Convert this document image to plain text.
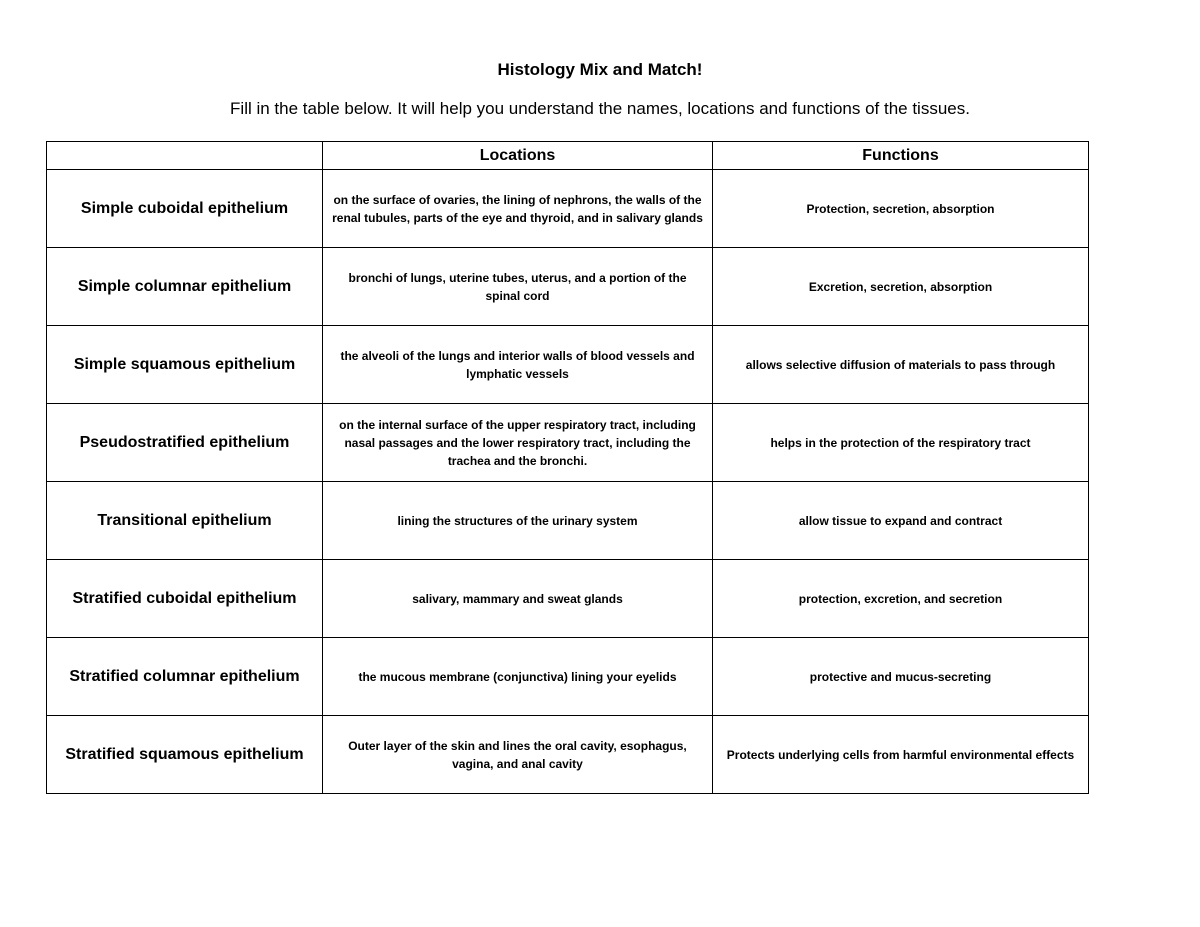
Histology Mix and Match!
Fill in the table below. It will help you understand the names, locations and functions of the tissues.
	Locations	Functions
Simple cuboidal epithelium	on the surface of ovaries, the lining of nephrons, the walls of the renal tubules, parts of the eye and thyroid, and in salivary glands	Protection, secretion, absorption
Simple columnar epithelium	bronchi of lungs, uterine tubes, uterus, and a portion of the spinal cord	Excretion, secretion, absorption
Simple squamous epithelium	the alveoli of the lungs and interior walls of blood vessels and lymphatic vessels	allows selective diffusion of materials to pass through
Pseudostratified epithelium	on the internal surface of the upper respiratory tract, including nasal passages and the lower respiratory tract, including the trachea and the bronchi.	helps in the protection of the respiratory tract
Transitional epithelium	lining the structures of the urinary system	allow tissue to expand and contract
Stratified cuboidal epithelium	salivary, mammary and sweat glands	protection, excretion, and secretion
Stratified columnar epithelium	the mucous membrane (conjunctiva) lining your eyelids	protective and mucus-secreting
Stratified squamous epithelium	Outer layer of the skin and lines the oral cavity, esophagus, vagina, and anal cavity	Protects underlying cells from harmful environmental effects
